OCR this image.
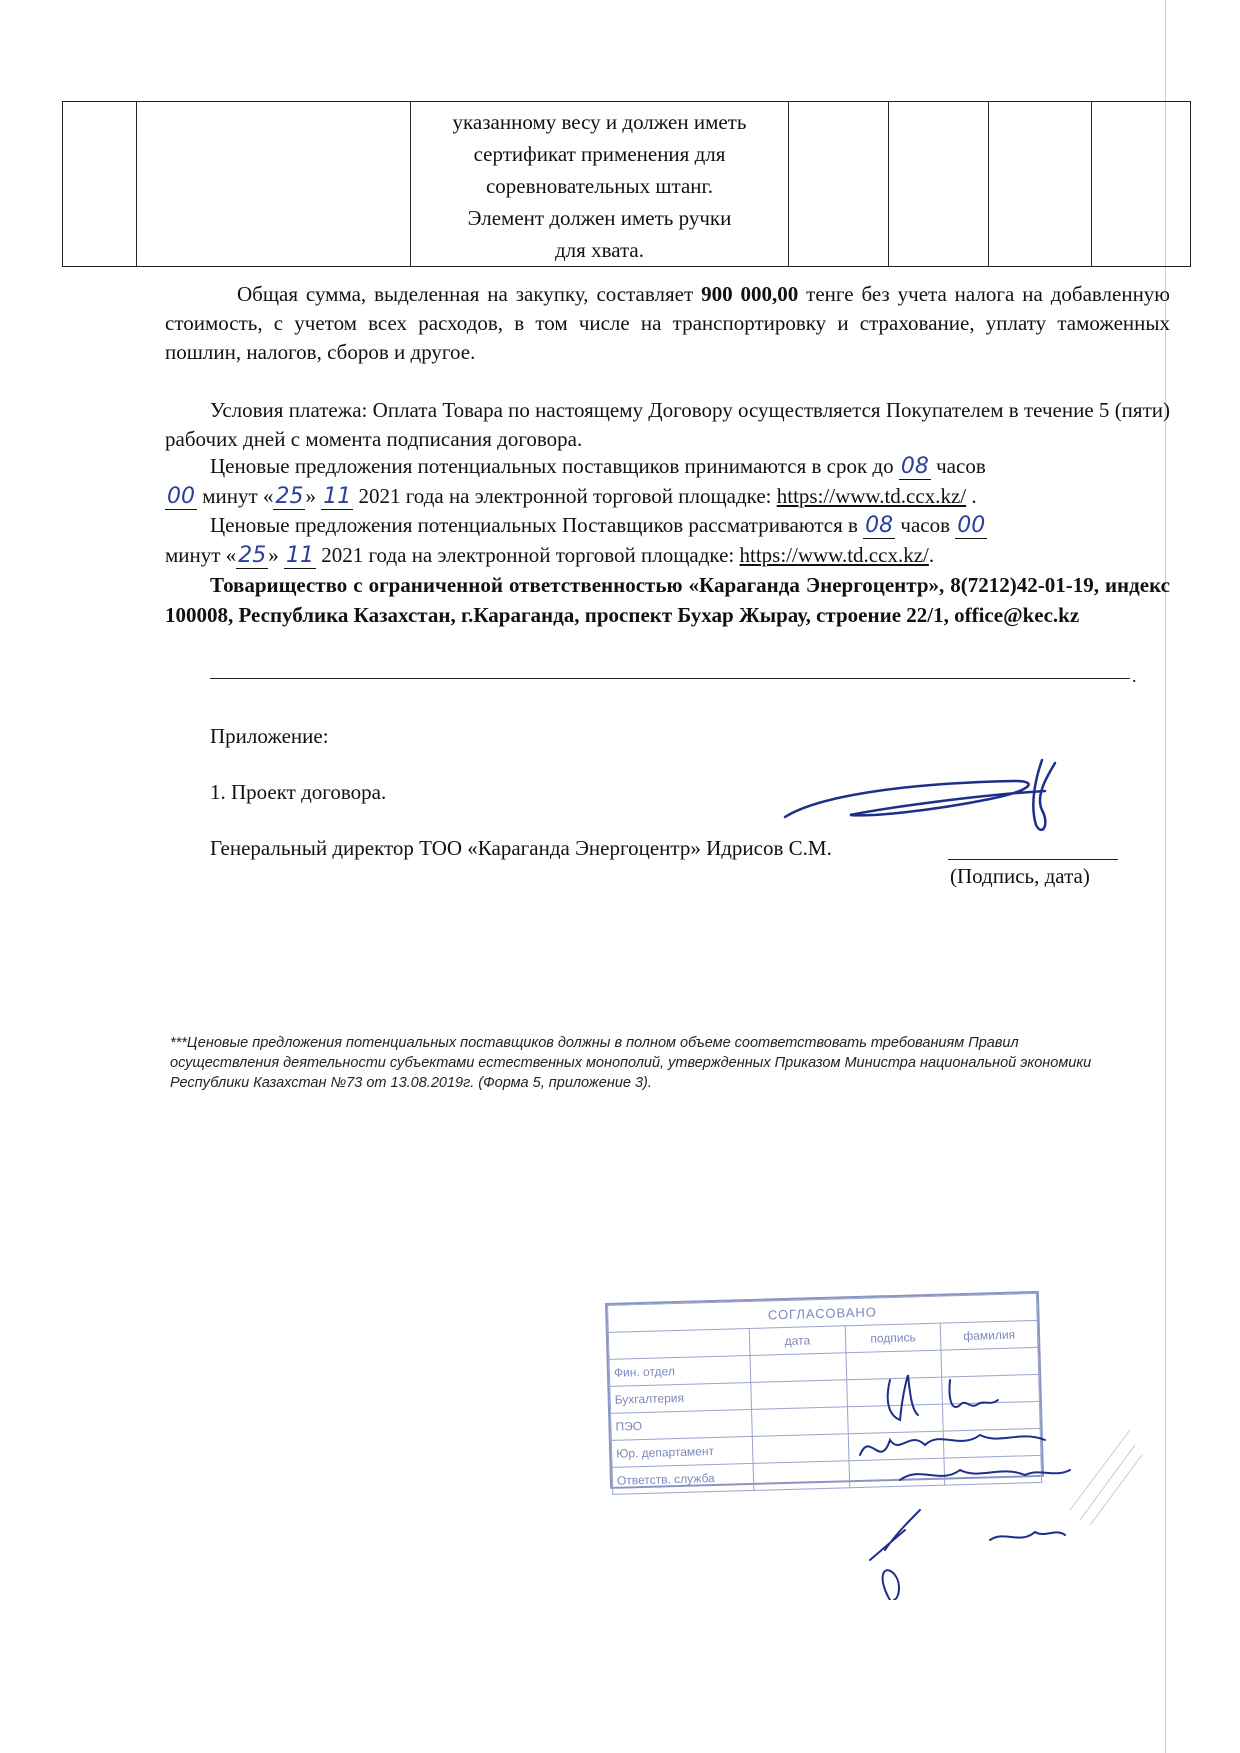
указанному весу и должен иметь
сертификат применения для
соревновательных штанг.
Элемент должен иметь ручки
для хвата.

Общая сумма, выделенная на закупку, составляет 900 000,00 тенге без учета налога на добавленную стоимость, с учетом всех расходов, в том числе на транспортировку и страхование, уплату таможенных пошлин, налогов, сборов и другое.

Условия платежа: Оплата Товара по настоящему Договору осуществляется Покупателем в течение 5 (пяти) рабочих дней с момента подписания договора.

Ценовые предложения потенциальных поставщиков принимаются в срок до 08 часов
00 минут «25» 11 2021 года на электронной торговой площадке: https://www.td.ccx.kz/ .
Ценовые предложения потенциальных Поставщиков рассматриваются в 08 часов 00
минут «25» 11 2021 года на электронной торговой площадке: https://www.td.ccx.kz/.

Товарищество с ограниченной ответственностью «Караганда Энергоцентр», 8(7212)42-01-19, индекс 100008, Республика Казахстан, г.Караганда, проспект Бухар Жырау, строение 22/1, office@kec.kz

.
Приложение:
1. Проект договора.
Генеральный директор ТОО «Караганда Энергоцентр» Идрисов С.М.
(Подпись, дата)
***Ценовые предложения потенциальных поставщиков должны в полном объеме соответствовать требованиям Правил осуществления деятельности субъектами естественных монополий, утвержденных Приказом Министра национальной экономики Республики Казахстан №73 от 13.08.2019г. (Форма 5, приложение 3).
СОГЛАСОВАНО			
	дата	подпись	фамилия
Фин. отдел			
Бухгалтерия			
ПЭО			
Юр. департамент			
Ответств. служба			
